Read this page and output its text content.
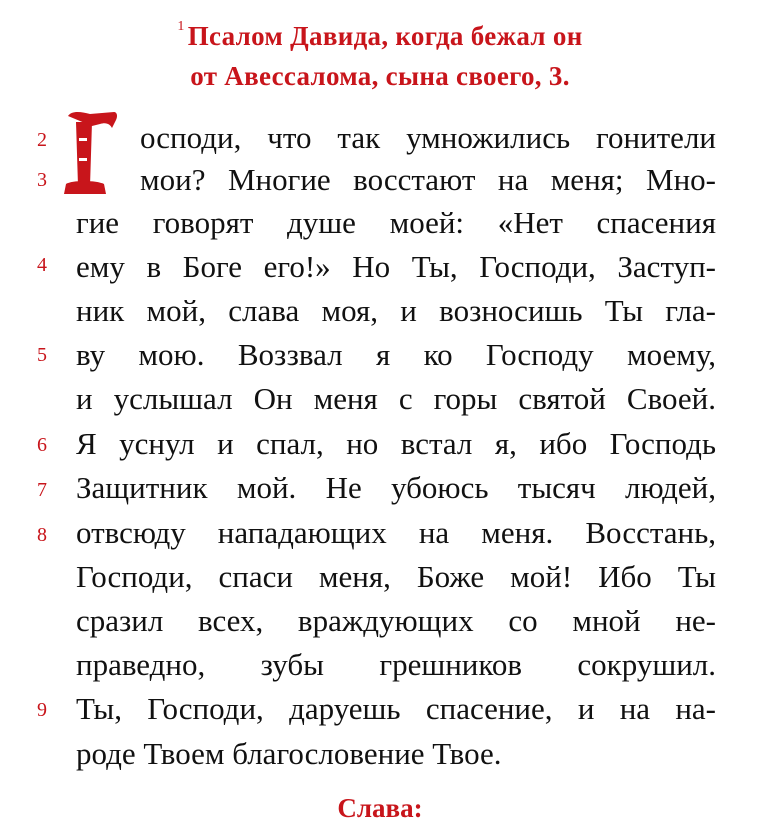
$^1$ Псалом Давида, когда бежал он
от Авессалома, сына своего, 3.
2
3
4
5
6
7
8
9
осподи, что так умножились гонители
мои? Многие восстают на меня; Мно-
гие говорят душе моей: «Нет спасения
ему в Боге его!» Но Ты, Господи, Заступ-
ник мой, слава моя, и возносишь Ты гла-
ву мою. Воззвал я ко Господу моему,
и услышал Он меня с горы святой Своей.
Я уснул и спал, но встал я, ибо Господь
Защитник мой. Не убоюсь тысяч людей,
отвсюду нападающих на меня. Восстань,
Господи, спаси меня, Боже мой! Ибо Ты
сразил всех, враждующих со мной не-
праведно, зубы грешников сокрушил.
Ты, Господи, даруешь спасение, и на на-
роде Твоем благословение Твое.
Слава:
